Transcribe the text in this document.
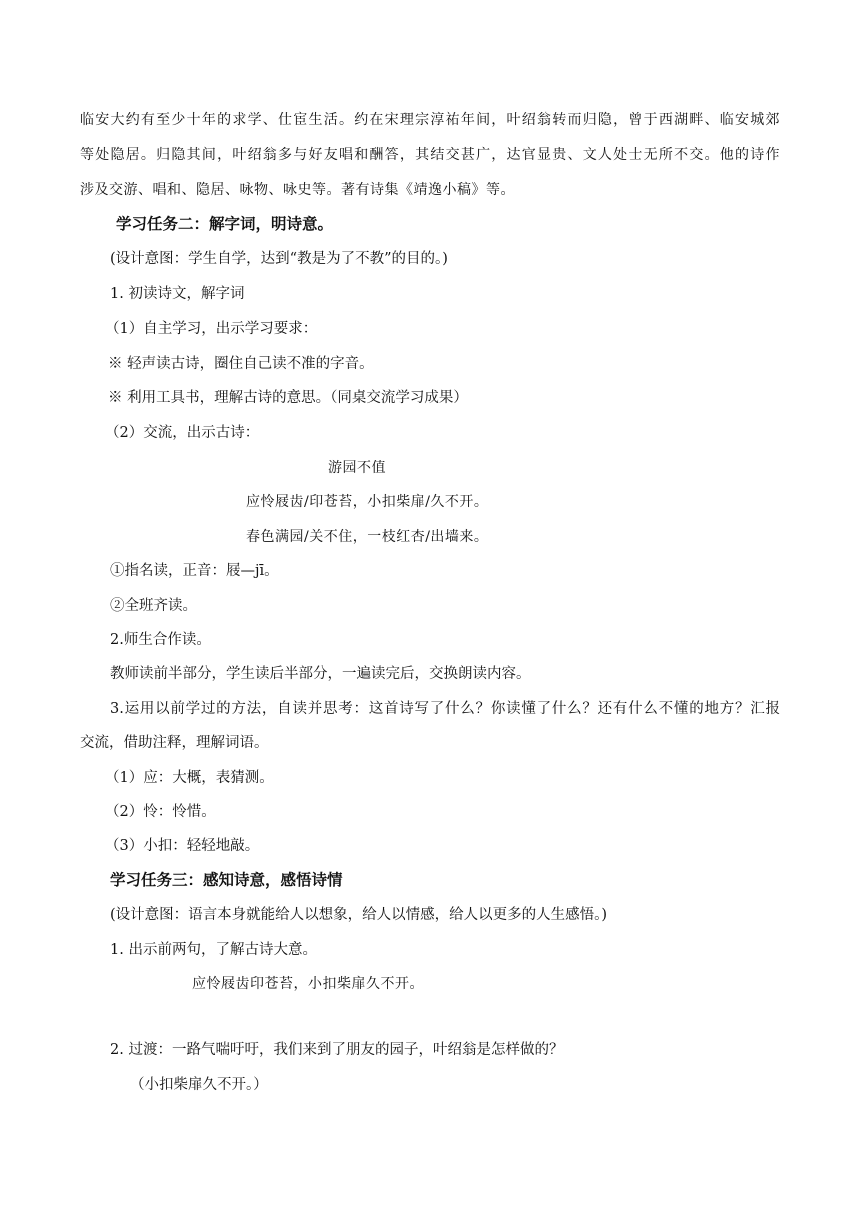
临安大约有至少十年的求学、仕宦生活。约在宋理宗淳祐年间，叶绍翁转而归隐，曾于西湖畔、临安城郊
等处隐居。归隐其间，叶绍翁多与好友唱和酬答，其结交甚广，达官显贵、文人处士无所不交。他的诗作
涉及交游、唱和、隐居、咏物、咏史等。著有诗集《靖逸小稿》等。
学习任务二：解字词，明诗意。
(设计意图：学生自学，达到“教是为了不教”的目的。)
1. 初读诗文，解字词
（1）自主学习，出示学习要求：
※ 轻声读古诗，圈住自己读不准的字音。
※ 利用工具书，理解古诗的意思。（同桌交流学习成果）
（2）交流，出示古诗：
游园不值
应怜屐齿/印苍苔，小扣柴扉/久不开。
春色满园/关不住，一枝红杏/出墙来。
①指名读，正音：屐—jī。
②全班齐读。
2.师生合作读。
教师读前半部分，学生读后半部分，一遍读完后，交换朗读内容。
3.运用以前学过的方法，自读并思考：这首诗写了什么？你读懂了什么？还有什么不懂的地方？汇报
交流，借助注释，理解词语。
（1）应：大概，表猜测。
（2）怜：怜惜。
（3）小扣：轻轻地敲。
学习任务三：感知诗意，感悟诗情
(设计意图：语言本身就能给人以想象，给人以情感，给人以更多的人生感悟。)
1. 出示前两句，了解古诗大意。
应怜屐齿印苍苔，小扣柴扉久不开。
2. 过渡：一路气喘吁吁，我们来到了朋友的园子，叶绍翁是怎样做的？
（小扣柴扉久不开。）
